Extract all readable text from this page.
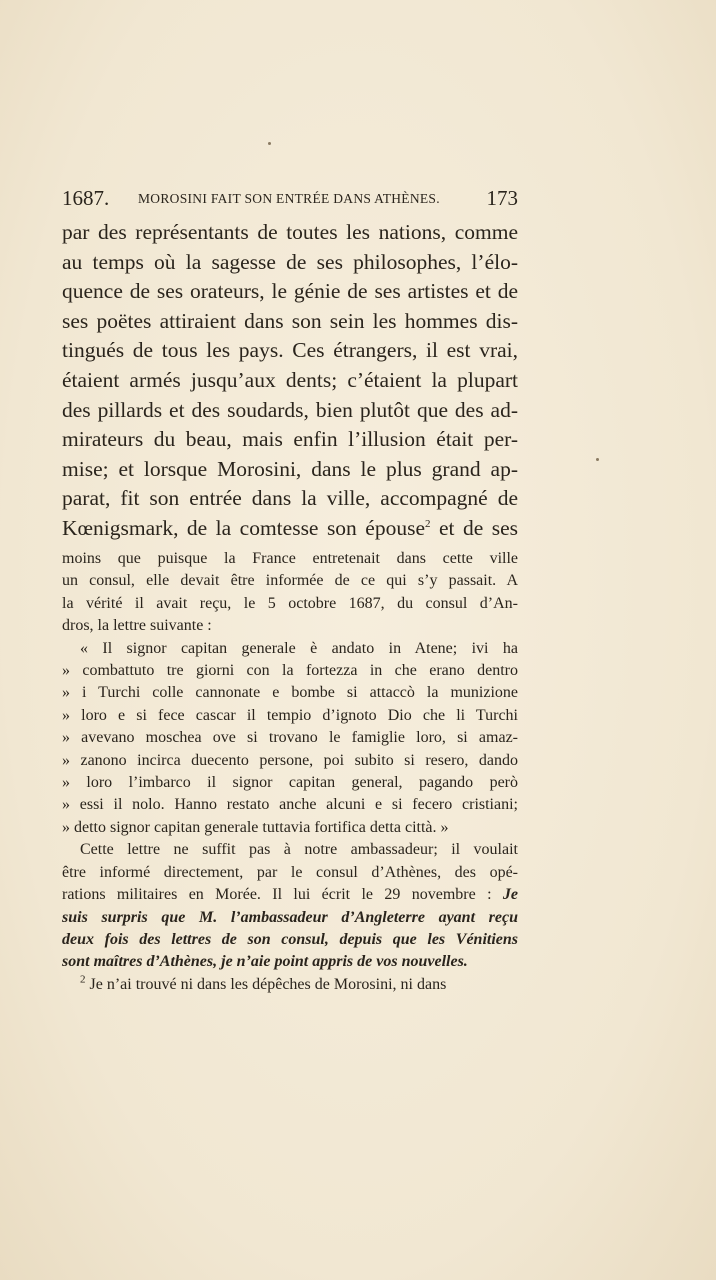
1687. MOROSINI FAIT SON ENTRÉE DANS ATHÈNES. 173
par des représentants de toutes les nations, comme
au temps où la sagesse de ses philosophes, l’élo-
quence de ses orateurs, le génie de ses artistes et de
ses poëtes attiraient dans son sein les hommes dis-
tingués de tous les pays. Ces étrangers, il est vrai,
étaient armés jusqu’aux dents; c’étaient la plupart
des pillards et des soudards, bien plutôt que des ad-
mirateurs du beau, mais enfin l’illusion était per-
mise; et lorsque Morosini, dans le plus grand ap-
parat, fit son entrée dans la ville, accompagné de
Kœnigsmark, de la comtesse son épouse$^2$ et de ses
moins que puisque la France entretenait dans cette ville
un consul, elle devait être informée de ce qui s’y passait. A
la vérité il avait reçu, le 5 octobre 1687, du consul d’An-
dros, la lettre suivante :
« Il signor capitan generale è andato in Atene; ivi ha
» combattuto tre giorni con la fortezza in che erano dentro
» i Turchi colle cannonate e bombe si attaccò la munizione
» loro e si fece cascar il tempio d’ignoto Dio che li Turchi
» avevano moschea ove si trovano le famiglie loro, si amaz-
» zanono incirca duecento persone, poi subito si resero, dando
» loro l’imbarco il signor capitan general, pagando però
» essi il nolo. Hanno restato anche alcuni e si fecero cristiani;
» detto signor capitan generale tuttavia fortifica detta città. »
Cette lettre ne suffit pas à notre ambassadeur; il voulait
être informé directement, par le consul d’Athènes, des opé-
rations militaires en Morée. Il lui écrit le 29 novembre : Je
suis surpris que M. l’ambassadeur d’Angleterre ayant reçu
deux fois des lettres de son consul, depuis que les Vénitiens
sont maîtres d’Athènes, je n’aie point appris de vos nouvelles.
$^2$ Je n’ai trouvé ni dans les dépêches de Morosini, ni dans
